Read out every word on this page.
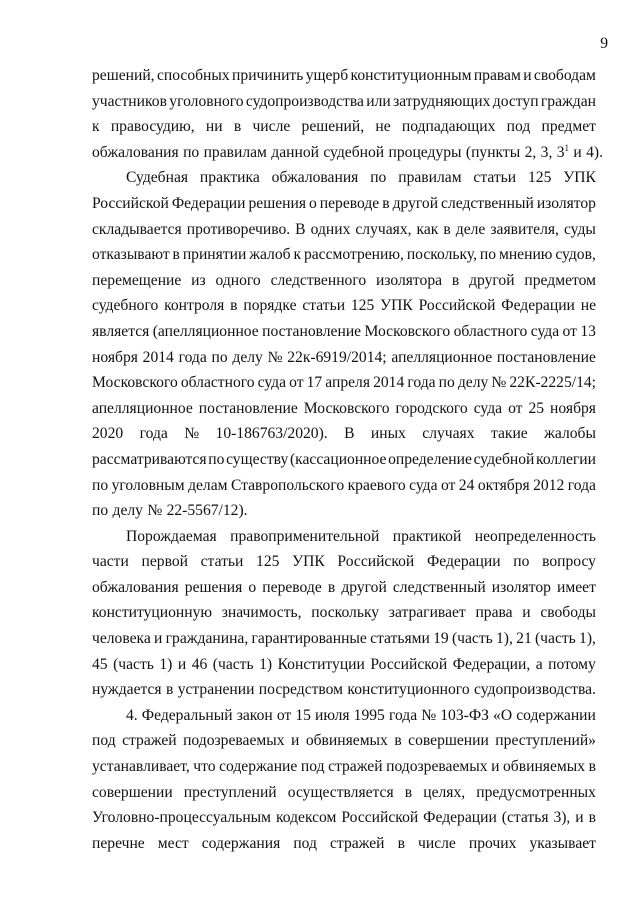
9
решений, способных причинить ущерб конституционным правам и свободам
участников уголовного судопроизводства или затрудняющих доступ граждан
к правосудию, ни в числе решений, не подпадающих под предмет
обжалования по правилам данной судебной процедуры (пункты 2, 3, $3^1$ и 4).
Судебная практика обжалования по правилам статьи 125 УПК
Российской Федерации решения о переводе в другой следственный изолятор
складывается противоречиво. В одних случаях, как в деле заявителя, суды
отказывают в принятии жалоб к рассмотрению, поскольку, по мнению судов,
перемещение из одного следственного изолятора в другой предметом
судебного контроля в порядке статьи 125 УПК Российской Федерации не
является (апелляционное постановление Московского областного суда от 13
ноября 2014 года по делу № 22к-6919/2014; апелляционное постановление
Московского областного суда от 17 апреля 2014 года по делу № 22К-2225/14;
апелляционное постановление Московского городского суда от 25 ноября
2020 года № 10-186763/2020). В иных случаях такие жалобы
рассматриваются по существу (кассационное определение судебной коллегии
по уголовным делам Ставропольского краевого суда от 24 октября 2012 года
по делу № 22-5567/12).
Порождаемая правоприменительной практикой неопределенность
части первой статьи 125 УПК Российской Федерации по вопросу
обжалования решения о переводе в другой следственный изолятор имеет
конституционную значимость, поскольку затрагивает права и свободы
человека и гражданина, гарантированные статьями 19 (часть 1), 21 (часть 1),
45 (часть 1) и 46 (часть 1) Конституции Российской Федерации, а потому
нуждается в устранении посредством конституционного судопроизводства.
4. Федеральный закон от 15 июля 1995 года № 103-ФЗ «О содержании
под стражей подозреваемых и обвиняемых в совершении преступлений»
устанавливает, что содержание под стражей подозреваемых и обвиняемых в
совершении преступлений осуществляется в целях, предусмотренных
Уголовно-процессуальным кодексом Российской Федерации (статья 3), и в
перечне мест содержания под стражей в числе прочих указывает
